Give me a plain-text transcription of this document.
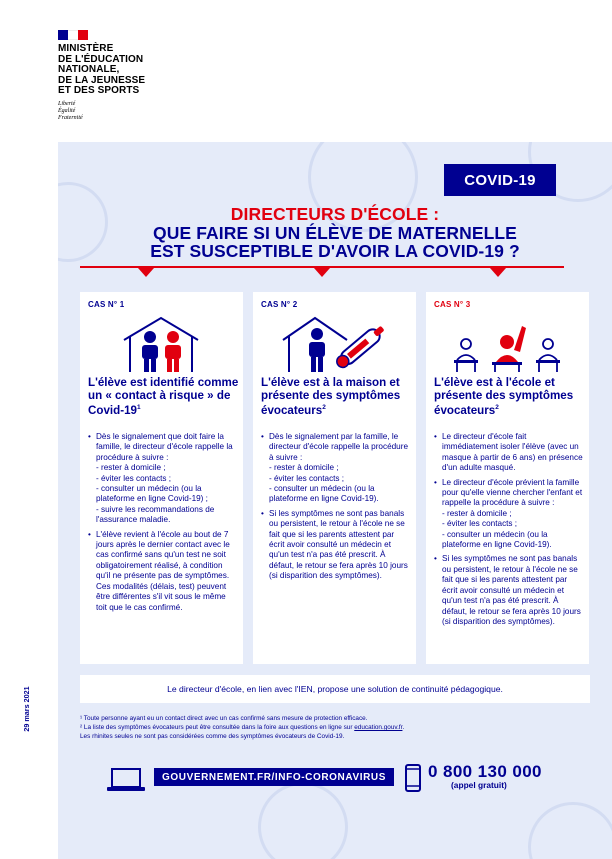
MINISTÈRE
DE L'ÉDUCATION
NATIONALE,
DE LA JEUNESSE
ET DES SPORTS
Liberté
Égalité
Fraternité
COVID-19
DIRECTEURS D'ÉCOLE :
QUE FAIRE SI UN ÉLÈVE DE MATERNELLE
EST SUSCEPTIBLE D'AVOIR LA COVID-19 ?
CAS N° 1
L'élève est identifié comme un « contact à risque » de Covid-$19^1$
• Dès le signalement que doit faire la famille, le directeur d'école rappelle la procédure à suivre :
- rester à domicile ;
- éviter les contacts ;
- consulter un médecin (ou la plateforme en ligne Covid-19) ;
- suivre les recommandations de l'assurance maladie.
• L'élève revient à l'école au bout de 7 jours après le dernier contact avec le cas confirmé sans qu'un test ne soit obligatoirement réalisé, à condition qu'il ne présente pas de symptômes. Ces modalités (délais, test) peuvent être différentes s'il vit sous le même toit que le cas confirmé.
CAS N° 2
L'élève est à la maison et présente des symptômes évocateurs$^2$
• Dès le signalement par la famille, le directeur d'école rappelle la procédure à suivre :
- rester à domicile ;
- éviter les contacts ;
- consulter un médecin (ou la plateforme en ligne Covid-19).
• Si les symptômes ne sont pas banals ou persistent, le retour à l'école ne se fait que si les parents attestent par écrit avoir consulté un médecin et qu'un test n'a pas été prescrit. À défaut, le retour se fera après 10 jours (si disparition des symptômes).
CAS N° 3
L'élève est à l'école et présente des symptômes évocateurs$^2$
• Le directeur d'école fait immédiatement isoler l'élève (avec un masque à partir de 6 ans) en présence d'un adulte masqué.
• Le directeur d'école prévient la famille pour qu'elle vienne chercher l'enfant et rappelle la procédure à suivre :
- rester à domicile ;
- éviter les contacts ;
- consulter un médecin (ou la plateforme en ligne Covid-19).
• Si les symptômes ne sont pas banals ou persistent, le retour à l'école ne se fait que si les parents attestent par écrit avoir consulté un médecin et qu'un test n'a pas été prescrit. À défaut, le retour se fera après 10 jours (si disparition des symptômes).
Le directeur d'école, en lien avec l'IEN, propose une solution de continuité pédagogique.
¹ Toute personne ayant eu un contact direct avec un cas confirmé sans mesure de protection efficace.
² La liste des symptômes évocateurs peut être consultée dans la foire aux questions en ligne sur education.gouv.fr.
Les rhinites seules ne sont pas considérées comme des symptômes évocateurs de Covid-19.
GOUVERNEMENT.FR/INFO-CORONAVIRUS	0 800 130 000
(appel gratuit)
29 mars 2021
